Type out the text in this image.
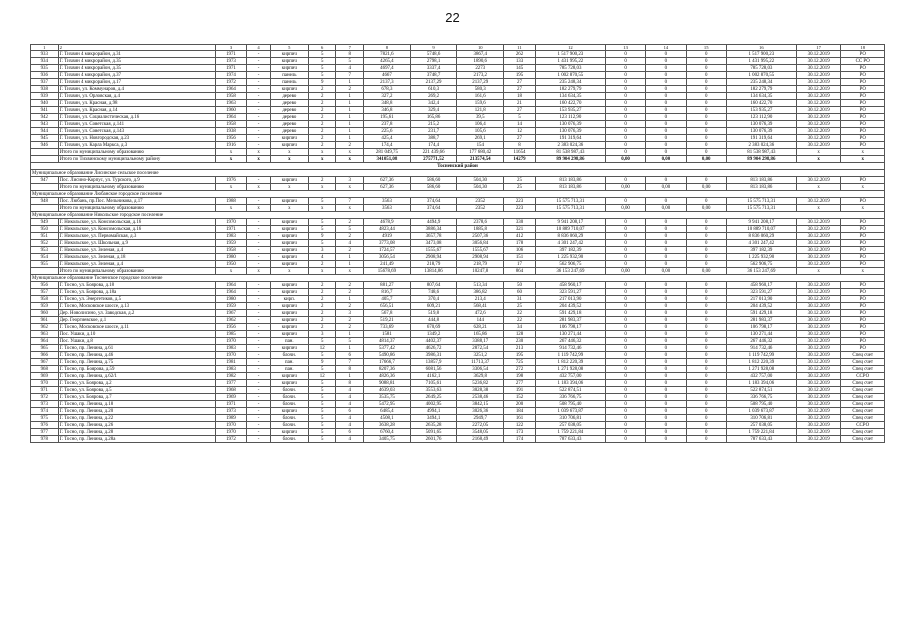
22
1	2	3	4	5	6	7	8	9	10	11	12	13	14	15	16	17	18
933	Г. Тихвин 4 микрорайон, д.31	1971	-	кирпич	5	8	7821,6	5748,6	3867,4	262	1 517 900,23	0	0	0	1 517 900,23	30.12.2019	РО
934	Г. Тихвин 4 микрорайон, д.35	1973	-	кирпич	5	5	4265,4	2798,1	1890,6	133	1 431 995,22	0	0	0	1 431 995,22	30.12.2019	СС РО
935	Г. Тихвин 4 микрорайон, д.35	1971	-	кирпич	5	4	4697,4	3337,4	2273	145	785 728,03	0	0	0	785 728,03	30.12.2019	РО
936	Г. Тихвин 4 микрорайон, д.37	1974	-	панель	5	7	4667	3748,7	2173,2	195	1 002 870,55	0	0	0	1 002 870,55	30.12.2019	РО
937	Г. Тихвин 4 микрорайон, д.17	1972	-	панель	9	1	2137,3	2137,29	2137,29	27	235 248,34	0	0	0	235 248,34	30.12.2019	РО
938	Г. Тихвин, ул. Коммунаров, д.4	1964	-	кирпич	2	2	678,3	610,3	580,3	27	182 279,79	0	0	0	182 279,79	30.12.2019	РО
939	Г. Тихвин, ул. Орловская, д.4	1958	-	дерево	2	1	327,2	269,2	161,6	18	134 634,35	0	0	0	134 634,35	30.12.2019	РО
940	Г. Тихвин, ул. Красная, д.98	1963	-	дерево	2	1	348,8	342,4	159,6	21	160 422,70	0	0	0	160 422,70	30.12.2019	РО
941	Г. Тихвин, ул. Красная, д.14	1960	-	дерево	2	1	346,8	329,4	121,8	27	153 935,27	0	0	0	153 935,27	30.12.2019	РО
942	Г. Тихвин, ул. Социалистическая, д.16	1964	-	дерево	2	1	195,61	165,86	39,5	5	123 112,90	0	0	0	123 112,90	30.12.2019	РО
943	Г. Тихвин, ул. Советская, д.141	1958	-	дерево	2	1	237,8	215,2	106,4	14	130 076,39	0	0	0	130 076,39	30.12.2019	РО
944	Г. Тихвин, ул. Советская, д.143	1938	-	дерево	2	1	225,6	231,7	105,6	12	130 076,39	0	0	0	130 076,39	30.12.2019	РО
945	Г. Тихвин, ул. Новгородская, д.23	1956	-	кирпич	2	1	425,4	388,7	269,1	27	191 319,64	0	0	0	191 319,64	30.12.2019	РО
946	Г. Тихвин, ул. Карла Маркса, д.3	1916	-	кирпич	2	2	174,4	174,4	154	8	2 383 024,36	0	0	0	2 383 024,36	30.12.2019	РО
	Итого по муниципальному образованию	x	x	x	x	x	281 049,75	221 439,66	177 680,42	11654	81 538 987,43	0	0	0	81 538 987,43	x	x
	Итого по Тихвинскому муниципальному району	x	x	x	x	x	341051,08	275771,52	213574,54	14279	89 904 298,86	0,00	0,00	0,00	89 904 298,86	x	x
Тосненский район																	
Муниципальное образование Лисинское сельское поселение																	
947	Пос. Лисино-Корпус, ул. Турского, д.9	1976	-	кирпич	2	3	627,36	586,60	504,30	25	813 183,86	0	0	0	813 183,86	30.12.2019	РО
	Итого по муниципальному образованию	x	x	x	x	x	627,36	586,60	504,30	25	813 183,86	0,00	0,00	0,00	813 183,86	x	x
Муниципальное образование Любанское городское поселение																	
948	Пос. Любань, пр.Пос. Мельникова, д.17	1988	-	кирпич	5	7	3563	374,64	2352	223	15 575 713,31	0	0	0	15 575 713,31	30.12.2019	РО
	Итого по муниципальному образованию	x	x	x	x	x	3563	374,64	2352	223	15 575 713,31	0,00	0,00	0,00	15 575 713,31	x	x
Муниципальное образование Никольское городское поселение																	
949	Г. Никольское, ул. Комсомольская, д.16	1970	-	кирпич	5	2	4678,9	4494,9	2378,6	330	9 941 208,17	0	0	0	9 941 208,17	30.12.2019	РО
950	Г. Никольское, ул. Комсомольская, д.16	1971	-	кирпич	5	5	4823,44	3886,34	1885,8	321	10 889 710,07	0	0	0	10 889 710,07	30.12.2019	РО
951	Г. Никольское, ул. Первомайская, д.3	1983	-	кирпич	9	2	4919	3657,78	2507,36	412	8 836 060,29	0	0	0	8 836 060,29	30.12.2019	РО
952	Г. Никольское, ул. Школьная, д.9	1959	-	кирпич	5	4	3773,08	3473,08	3056,84	178	4 301 247,42	0	0	0	4 301 247,42	30.12.2019	РО
953	Г. Никольское, ул. Зеленая, д.4	1958	-	кирпич	3	2	1724,57	1555,67	1555,67	106	397 182,39	0	0	0	397 182,39	30.12.2019	РО
954	Г. Никольское, ул. Зеленая, д.18	1980	-	кирпич	4	1	3056,54	2908,94	2908,94	151	1 225 932,90	0	0	0	1 225 932,90	30.12.2019	РО
955	Г. Никольское, ул. Зеленая, д.4	1950	-	кирпич	2	1	241,49	218,79	218,79	17	562 906,75	0	0	0	562 906,75	30.12.2019	РО
	Итого по муниципальному образованию	x	x	x	x	x	15678,69	13814,86	10247,8	864	36 153 247,69	0,00	0,00	0,00	36 153 247,69	x	x
Муниципальное образование Тосненское городское поселение																	
956	Г. Тосно, ул. Боярова, д.18	1964	-	кирпич	2	2	881,27	807,64	513,34	50	458 960,17	0	0	0	458 960,17	30.12.2019	РО
957	Г. Тосно, ул. Боярова, д.18а	1964	-	кирпич	2	2	816,7	748,6	386,82	60	323 591,27	0	0	0	323 591,27	30.12.2019	РО
958	Г. Тосно, ул. Энергетиков, д.5	1980	-	кирп.	2	1	405,7	370,4	213,4	31	217 013,90	0	0	0	217 013,90	30.12.2019	РО
959	Г. Тосно, Московское шоссе, д.13	1959	-	кирпич	2	2	656,51	609,21	568,41	25	204 439,52	0	0	0	204 439,52	30.12.2019	РО
960	Дер. Новолисино, ул. Заводская, д.2	1967	-	кирпич	2	3	567,8	519,8	472,6	22	591 429,18	0	0	0	591 429,18	30.12.2019	РО
961	Дер. Георгиевское, д.1	1962	-	кирпич	2	2	519,21	444,8	144	22	281 983,37	0	0	0	281 983,37	30.12.2019	РО
962	Г. Тосно, Московское шоссе, д.11	1956	-	кирпич	2	2	733,69	670,69	628,21	34	106 798,17	0	0	0	106 798,17	30.12.2019	РО
963	Пос. Ушаки, д.10	1985	-	кирпич	3	1	1581	1349,2	165,86	128	130 271,44	0	0	0	130 271,44	30.12.2019	РО
964	Пос. Ушаки, д.8	1970	-	пан.	5	5	4814,37	4402,37	3388,17	230	267 446,32	0	0	0	267 446,32	30.12.2019	РО
965	Г. Тосно, пр. Ленина, д.61	1983	-	кирпич	12	1	5377,42	4626,72	2872,54	213	914 732,46	0	0	0	914 732,46	30.12.2019	РО
966	Г. Тосно, пр. Ленина, д.46	1970	-	блочн.	5	6	5490,86	3986,31	3251,2	195	1 119 742,99	0	0	0	1 119 742,99	30.12.2019	Спец счет
967	Г. Тосно, пр. Ленина, д.75	1981	-	пан.	9	7	17666,7	13857,9	11713,37	725	1 812 220,39	0	0	0	1 812 220,39	30.12.2019	Спец счет
968	Г. Тосно, пр. Боярова, д.59	1983	-	пан.	5	8	8207,36	6081,56	3306,54	272	1 271 928,08	0	0	0	1 271 928,08	30.12.2019	Спец счет
969	Г. Тосно, пр. Ленина, д.62/1	1982	-	кирпич	12	1	4826,36	4162,1	3629,8	198	432 757,00	0	0	0	432 757,00	30.12.2019	ССРО
970	Г. Тосно, ул. Боярова, д.2	1977	-	кирпич	5	8	9088,81	7105,61	5236,82	277	1 183 394,06	0	0	0	1 183 394,06	30.12.2019	Спец счет
971	Г. Тосно, ул. Боярова, д.5	1968	-	блочн.	5	4	4639,03	3553,63	3028,38	191	522 874,51	0	0	0	522 874,51	30.12.2019	Спец счет
972	Г. Тосно, ул. Боярова, д.7	1969	-	блочн.	5	4	3535,75	2649,25	2538,46	152	336 766,75	0	0	0	336 766,75	30.12.2019	Спец счет
973	Г. Тосно, пр. Ленина, д.18	1971	-	блочн.	5	4	5472,95	4002,95	3842,15	200	508 795,40	0	0	0	508 795,40	30.12.2019	Спец счет
974	Г. Тосно, пр. Ленина, д.20	1973	-	кирпич	5	6	6485,4	4994,1	3026,36	184	1 039 673,87	0	0	0	1 039 673,87	30.12.2019	Спец счет
975	Г. Тосно, пр. Ленина, д.22	1989	-	блочн.	5	4	4508,1	3494,1	2949,7	161	310 706,81	0	0	0	310 706,81	30.12.2019	Спец счет
976	Г. Тосно, пр. Ленина, д.26	1970	-	блочн.	5	4	3638,28	2635,28	2272,05	122	257 038,05	0	0	0	257 038,05	30.12.2019	ССРО
977	Г. Тосно, пр. Ленина, д.28	1970	-	кирпич	5	6	6760,4	5091,65	3548,05	173	1 759 221,84	0	0	0	1 759 221,84	30.12.2019	Спец счет
978	Г. Тосно, пр. Ленина, д.28а	1972	-	блочн.	5	4	3405,75	2601,76	2168,49	174	787 633,43	0	0	0	787 633,43	30.12.2019	Спец счет
